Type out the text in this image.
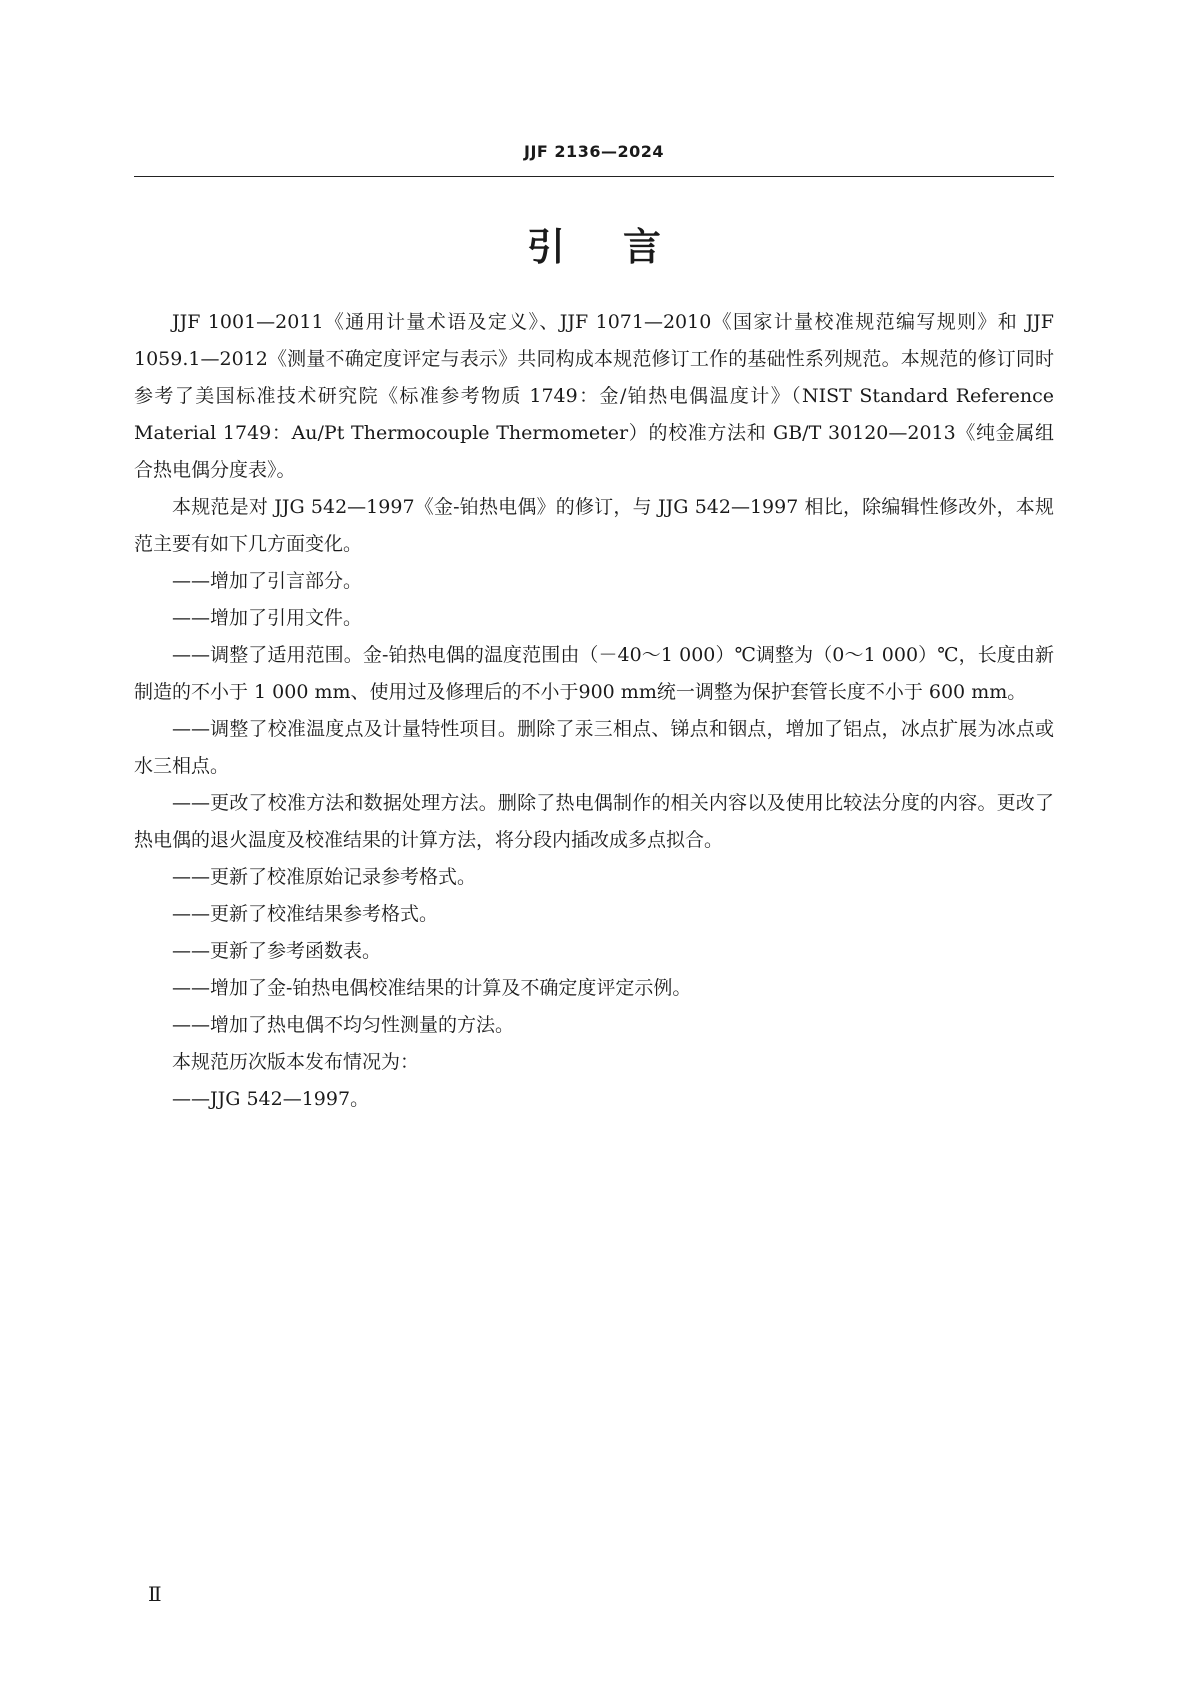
JJF 2136—2024
引言

JJF 1001—2011《通用计量术语及定义》、JJF 1071—2010《国家计量校准规范编写规则》和 JJF 1059.1—2012《测量不确定度评定与表示》共同构成本规范修订工作的基础性系列规范。本规范的修订同时参考了美国标准技术研究院《标准参考物质 1749：金/铂热电偶温度计》（NIST Standard Reference Material 1749：Au/Pt Thermocouple Thermometer）的校准方法和 GB/T 30120—2013《纯金属组合热电偶分度表》。

本规范是对 JJG 542—1997《金-铂热电偶》的修订，与 JJG 542—1997 相比，除编辑性修改外，本规范主要有如下几方面变化。

——增加了引言部分。

——增加了引用文件。

——调整了适用范围。金-铂热电偶的温度范围由（－40～1 000）℃调整为（0～1 000）℃，长度由新制造的不小于 1 000 mm、使用过及修理后的不小于900 mm统一调整为保护套管长度不小于 600 mm。

——调整了校准温度点及计量特性项目。删除了汞三相点、锑点和铟点，增加了铝点，冰点扩展为冰点或水三相点。

——更改了校准方法和数据处理方法。删除了热电偶制作的相关内容以及使用比较法分度的内容。更改了热电偶的退火温度及校准结果的计算方法，将分段内插改成多点拟合。

——更新了校准原始记录参考格式。

——更新了校准结果参考格式。

——更新了参考函数表。

——增加了金-铂热电偶校准结果的计算及不确定度评定示例。

——增加了热电偶不均匀性测量的方法。

本规范历次版本发布情况为：

——JJG 542—1997。

Ⅱ
